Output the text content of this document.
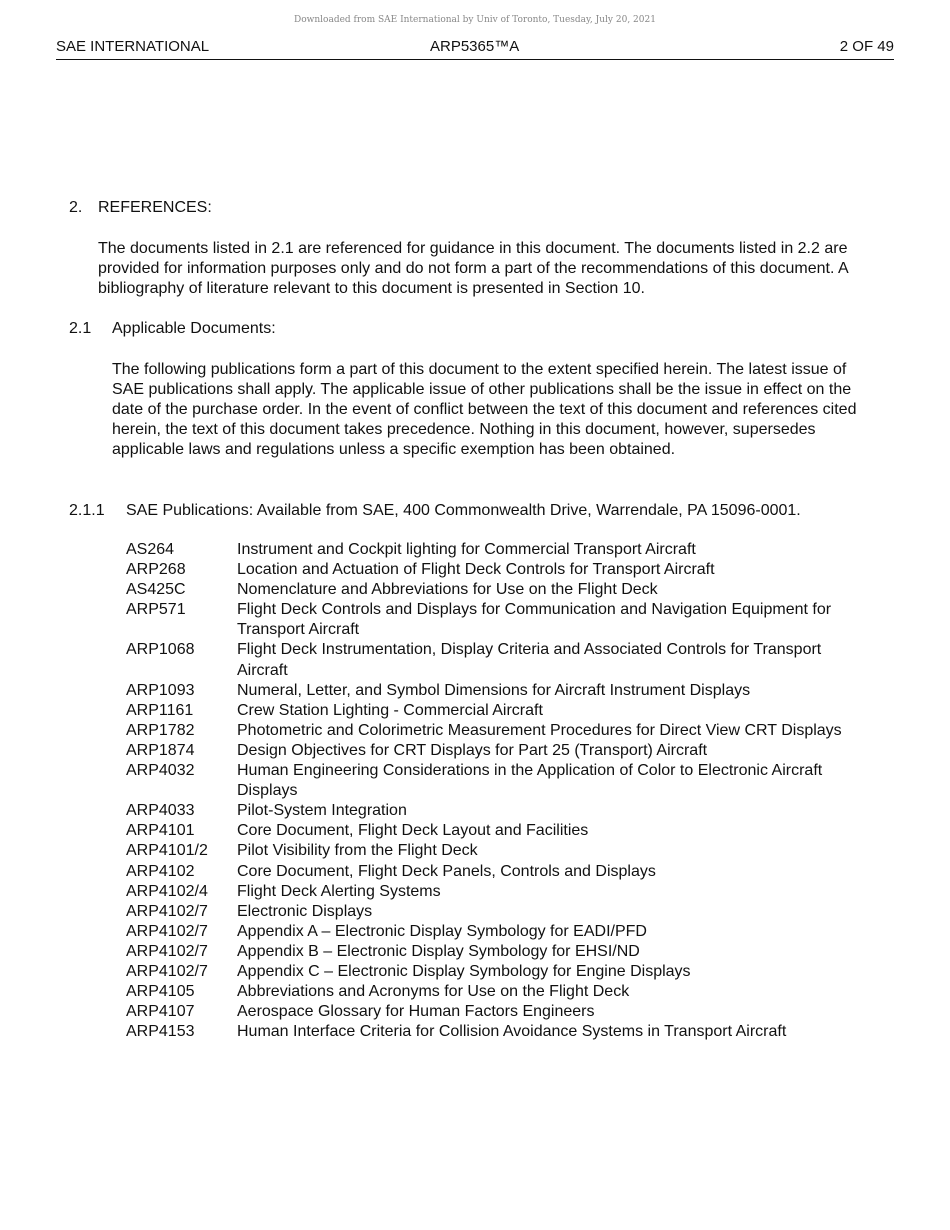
Downloaded from SAE International by Univ of Toronto, Tuesday, July 20, 2021
SAE INTERNATIONAL	ARP5365™A	2 OF 49
2. REFERENCES:
The documents listed in 2.1 are referenced for guidance in this document. The documents listed in 2.2 are provided for information purposes only and do not form a part of the recommendations of this document. A bibliography of literature relevant to this document is presented in Section 10.
2.1 Applicable Documents:
The following publications form a part of this document to the extent specified herein. The latest issue of SAE publications shall apply. The applicable issue of other publications shall be the issue in effect on the date of the purchase order. In the event of conflict between the text of this document and references cited herein, the text of this document takes precedence. Nothing in this document, however, supersedes applicable laws and regulations unless a specific exemption has been obtained.
2.1.1 SAE Publications: Available from SAE, 400 Commonwealth Drive, Warrendale, PA 15096-0001.
AS264	Instrument and Cockpit lighting for Commercial Transport Aircraft
ARP268	Location and Actuation of Flight Deck Controls for Transport Aircraft
AS425C	Nomenclature and Abbreviations for Use on the Flight Deck
ARP571	Flight Deck Controls and Displays for Communication and Navigation Equipment for Transport Aircraft
ARP1068	Flight Deck Instrumentation, Display Criteria and Associated Controls for Transport Aircraft
ARP1093	Numeral, Letter, and Symbol Dimensions for Aircraft Instrument Displays
ARP1161	Crew Station Lighting - Commercial Aircraft
ARP1782	Photometric and Colorimetric Measurement Procedures for Direct View CRT Displays
ARP1874	Design Objectives for CRT Displays for Part 25 (Transport) Aircraft
ARP4032	Human Engineering Considerations in the Application of Color to Electronic Aircraft Displays
ARP4033	Pilot-System Integration
ARP4101	Core Document, Flight Deck Layout and Facilities
ARP4101/2	Pilot Visibility from the Flight Deck
ARP4102	Core Document, Flight Deck Panels, Controls and Displays
ARP4102/4	Flight Deck Alerting Systems
ARP4102/7	Electronic Displays
ARP4102/7	Appendix A – Electronic Display Symbology for EADI/PFD
ARP4102/7	Appendix B – Electronic Display Symbology for EHSI/ND
ARP4102/7	Appendix C – Electronic Display Symbology for Engine Displays
ARP4105	Abbreviations and Acronyms for Use on the Flight Deck
ARP4107	Aerospace Glossary for Human Factors Engineers
ARP4153	Human Interface Criteria for Collision Avoidance Systems in Transport Aircraft
